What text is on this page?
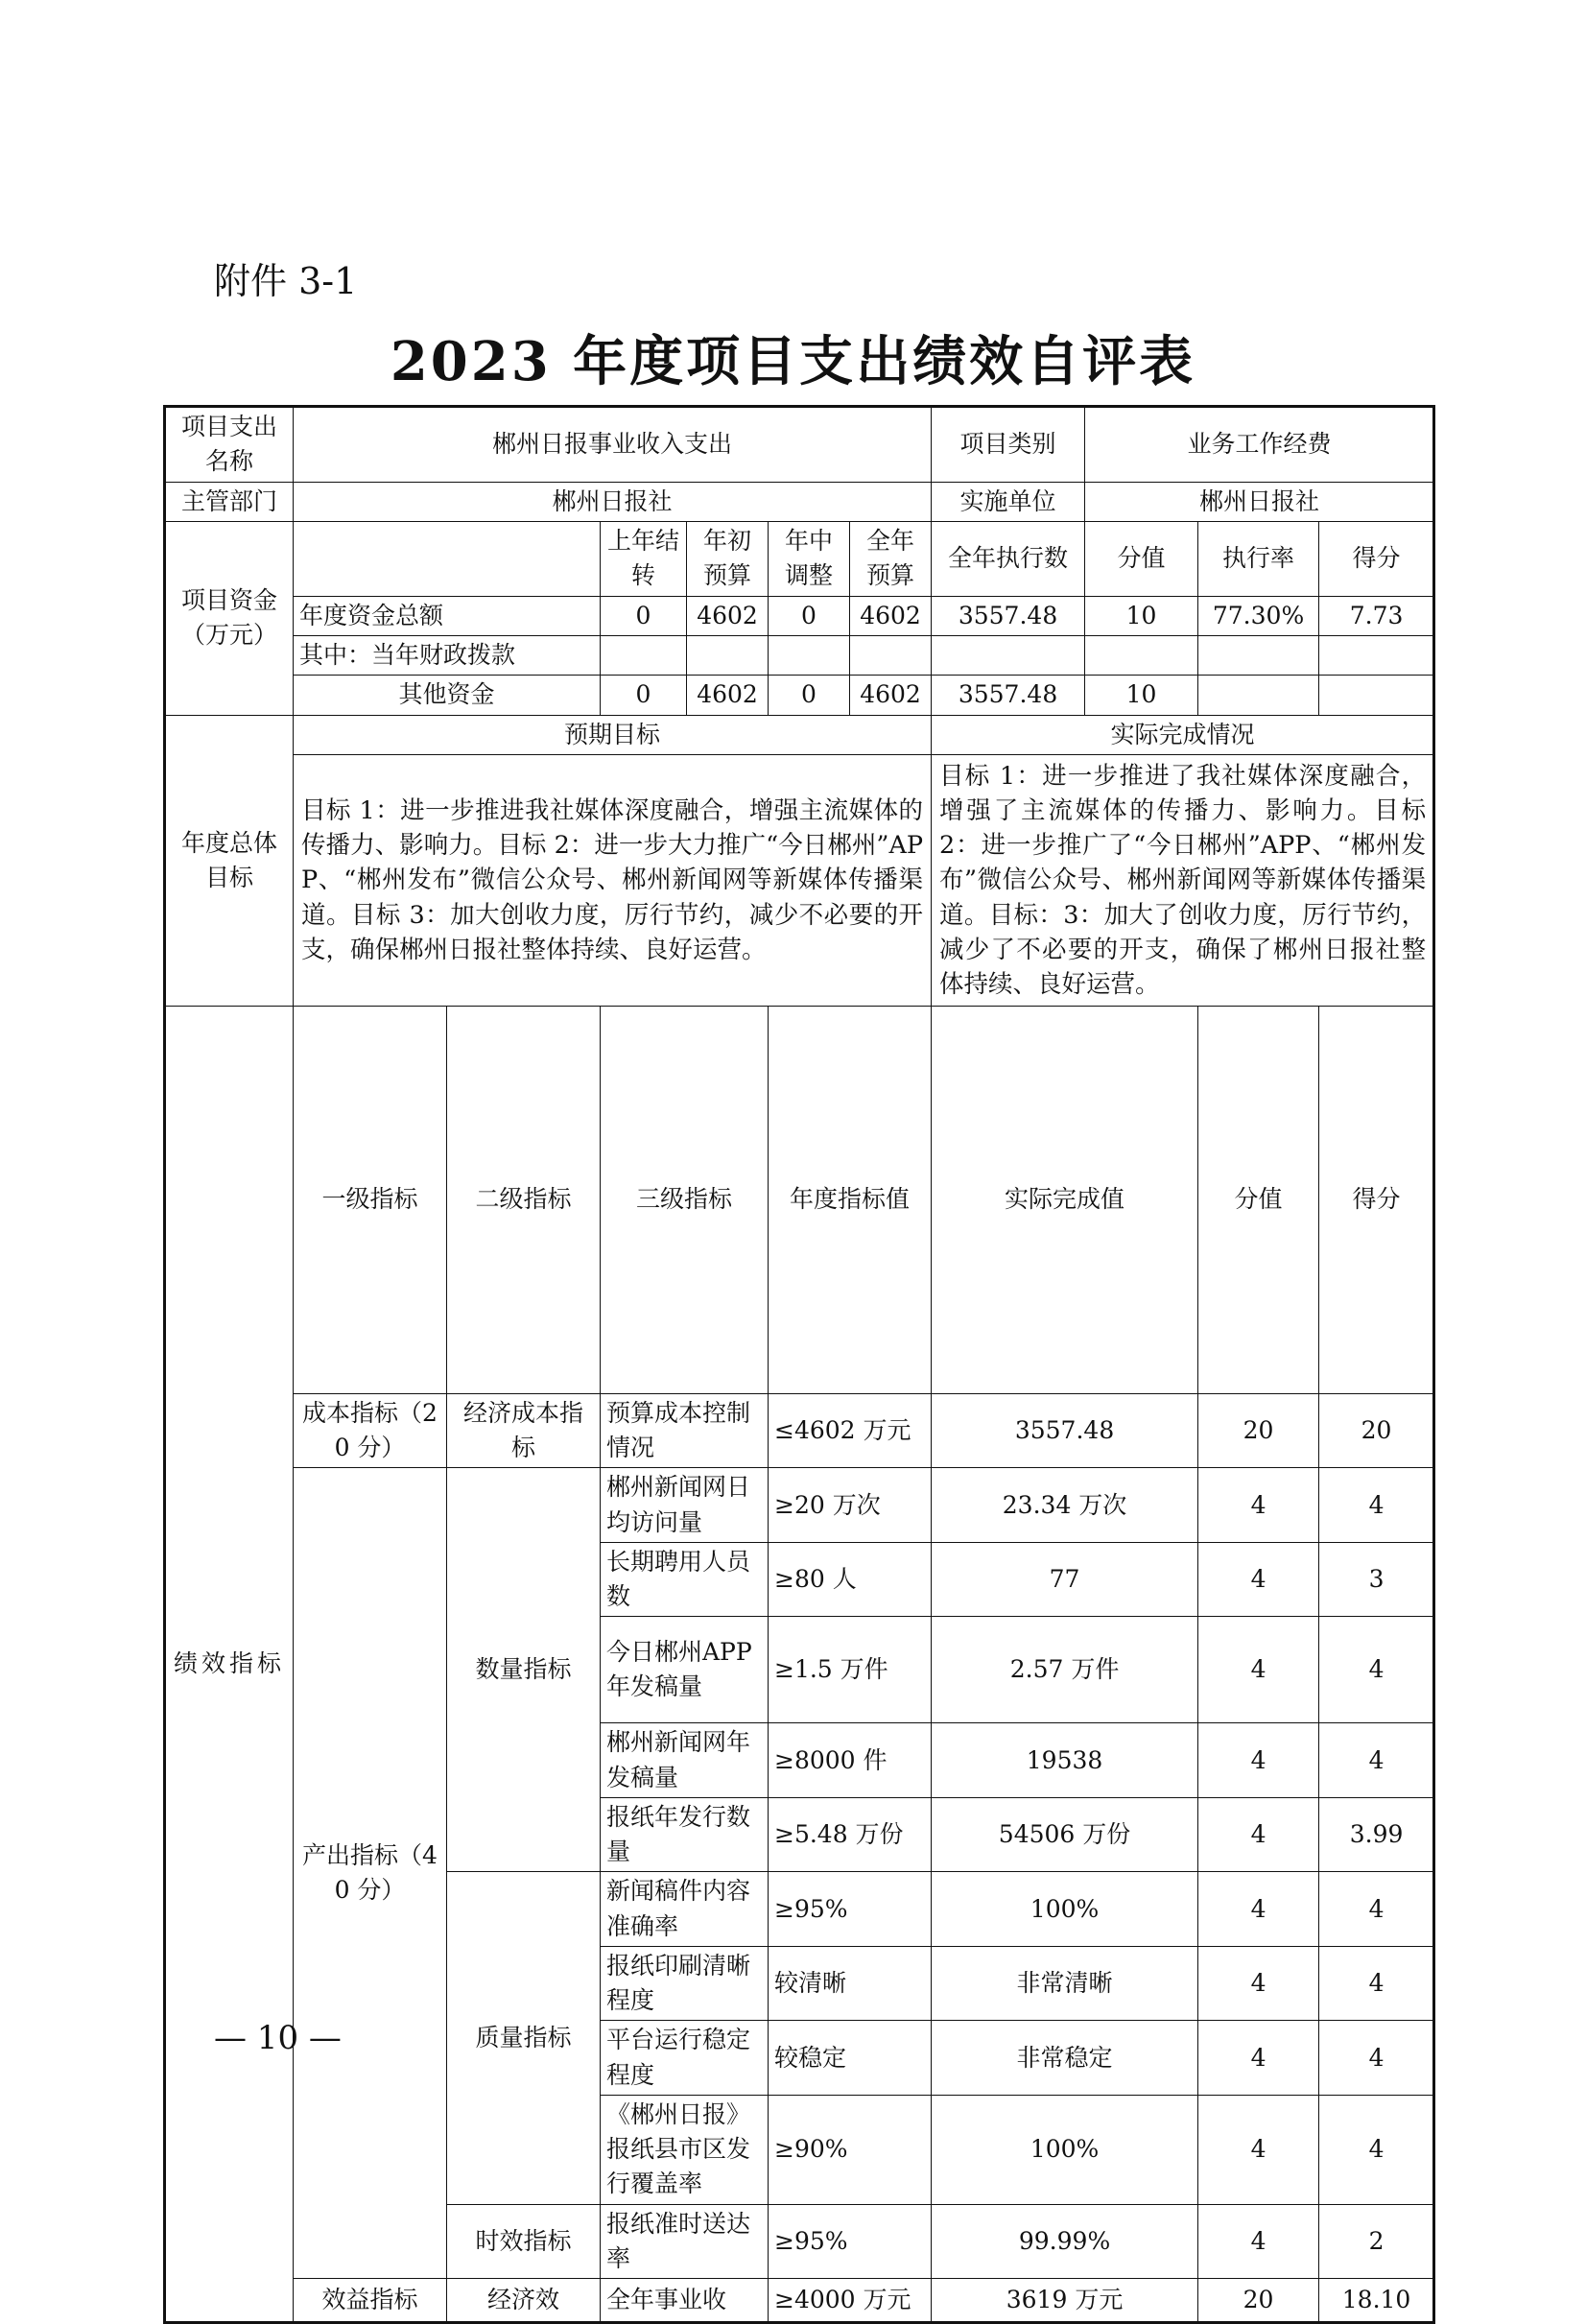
附件 3-1
2023 年度项目支出绩效自评表
项目支出名称	郴州日报事业收入支出						项目类别	业务工作经费			
主管部门	郴州日报社						实施单位	郴州日报社			
项目资金（万元）			上年结转	年初预算	年中调整	全年预算	全年执行数	分值	执行率	得分	
	年度资金总额		0	4602	0	4602	3557.48	10	77.30%	7.73	
	其中：当年财政拨款										
	其他资金		0	4602	0	4602	3557.48	10			
年度总体目标	预期目标						实际完成情况				
	目标 1：进一步推进我社媒体深度融合，增强主流媒体的传播力、影响力。目标 2：进一步大力推广“今日郴州”APP、“郴州发布”微信公众号、郴州新闻网等新媒体传播渠道。目标 3：加大创收力度，厉行节约，减少不必要的开支，确保郴州日报社整体持续、良好运营。						目标 1：进一步推进了我社媒体深度融合，增强了主流媒体的传播力、影响力。目标 2：进一步推广了“今日郴州”APP、“郴州发布”微信公众号、郴州新闻网等新媒体传播渠道。目标：3：加大了创收力度，厉行节约，减少了不必要的开支，确保了郴州日报社整体持续、良好运营。				
绩效指标	一级指标	二级指标	三级指标		年度指标值		实际完成值		分值	得分	
	成本指标（20 分）	经济成本指标	预算成本控制情况		≤4602 万元		3557.48		20	20	
	产出指标（40 分）	数量指标	郴州新闻网日均访问量		≥20 万次		23.34 万次		4	4	
			长期聘用人员数		≥80 人		77		4	3	
			今日郴州APP 年发稿量		≥1.5 万件		2.57 万件		4	4	
			郴州新闻网年发稿量		≥8000 件		19538		4	4	
			报纸年发行数量		≥5.48 万份		54506 万份		4	3.99	
		质量指标	新闻稿件内容准确率		≥95%		100%		4	4	
			报纸印刷清晰程度		较清晰		非常清晰		4	4	
			平台运行稳定程度		较稳定		非常稳定		4	4	
			《郴州日报》报纸县市区发行覆盖率		≥90%		100%		4	4	
		时效指标	报纸准时送达率		≥95%		99.99%		4	2	
	效益指标	经济效	全年事业收		≥4000 万元		3619 万元		20	18.10	
— 10 —
